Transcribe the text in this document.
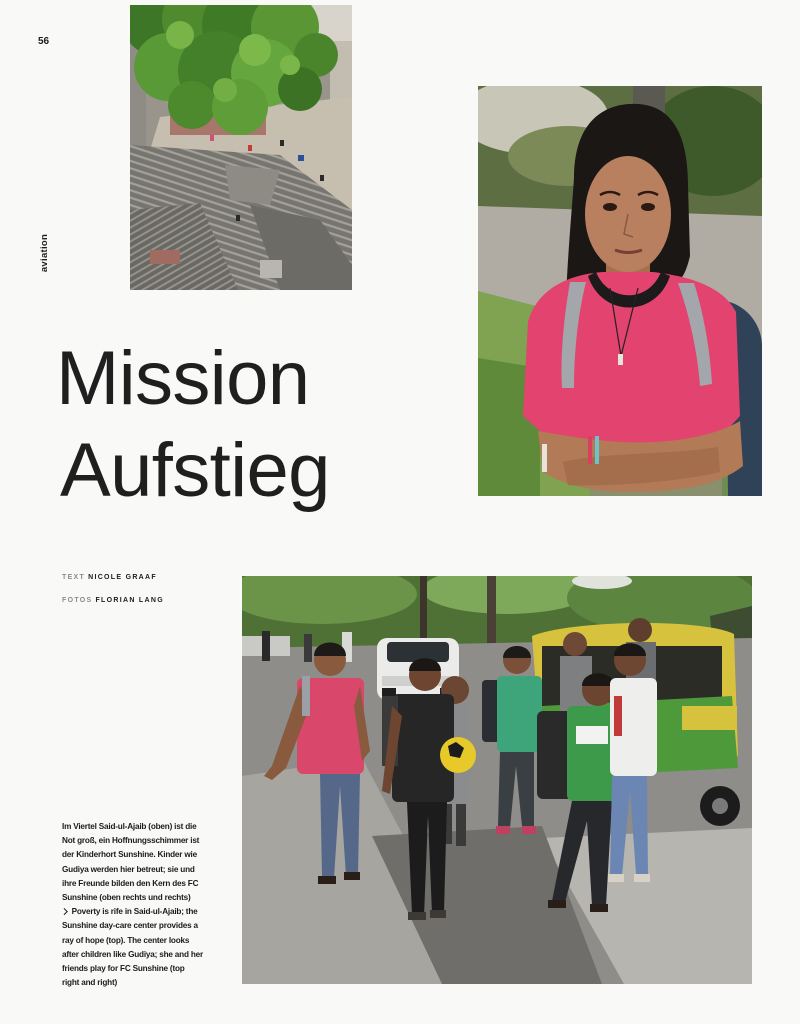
56
aviation
Mission
Aufstieg
TEXT NICOLE GRAAF
FOTOS FLORIAN LANG
Im Viertel Said-ul-Ajaib (oben) ist die
Not groß, ein Hoffnungsschimmer ist
der Kinderhort Sunshine. Kinder wie
Gudiya werden hier betreut; sie und
ihre Freunde bilden den Kern des FC
Sunshine (oben rechts und rechts)
Poverty is rife in Said-ul-Ajaib; the
Sunshine day-care center provides a
ray of hope (top). The center looks
after children like Gudiya; she and her
friends play for FC Sunshine (top
right and right)
